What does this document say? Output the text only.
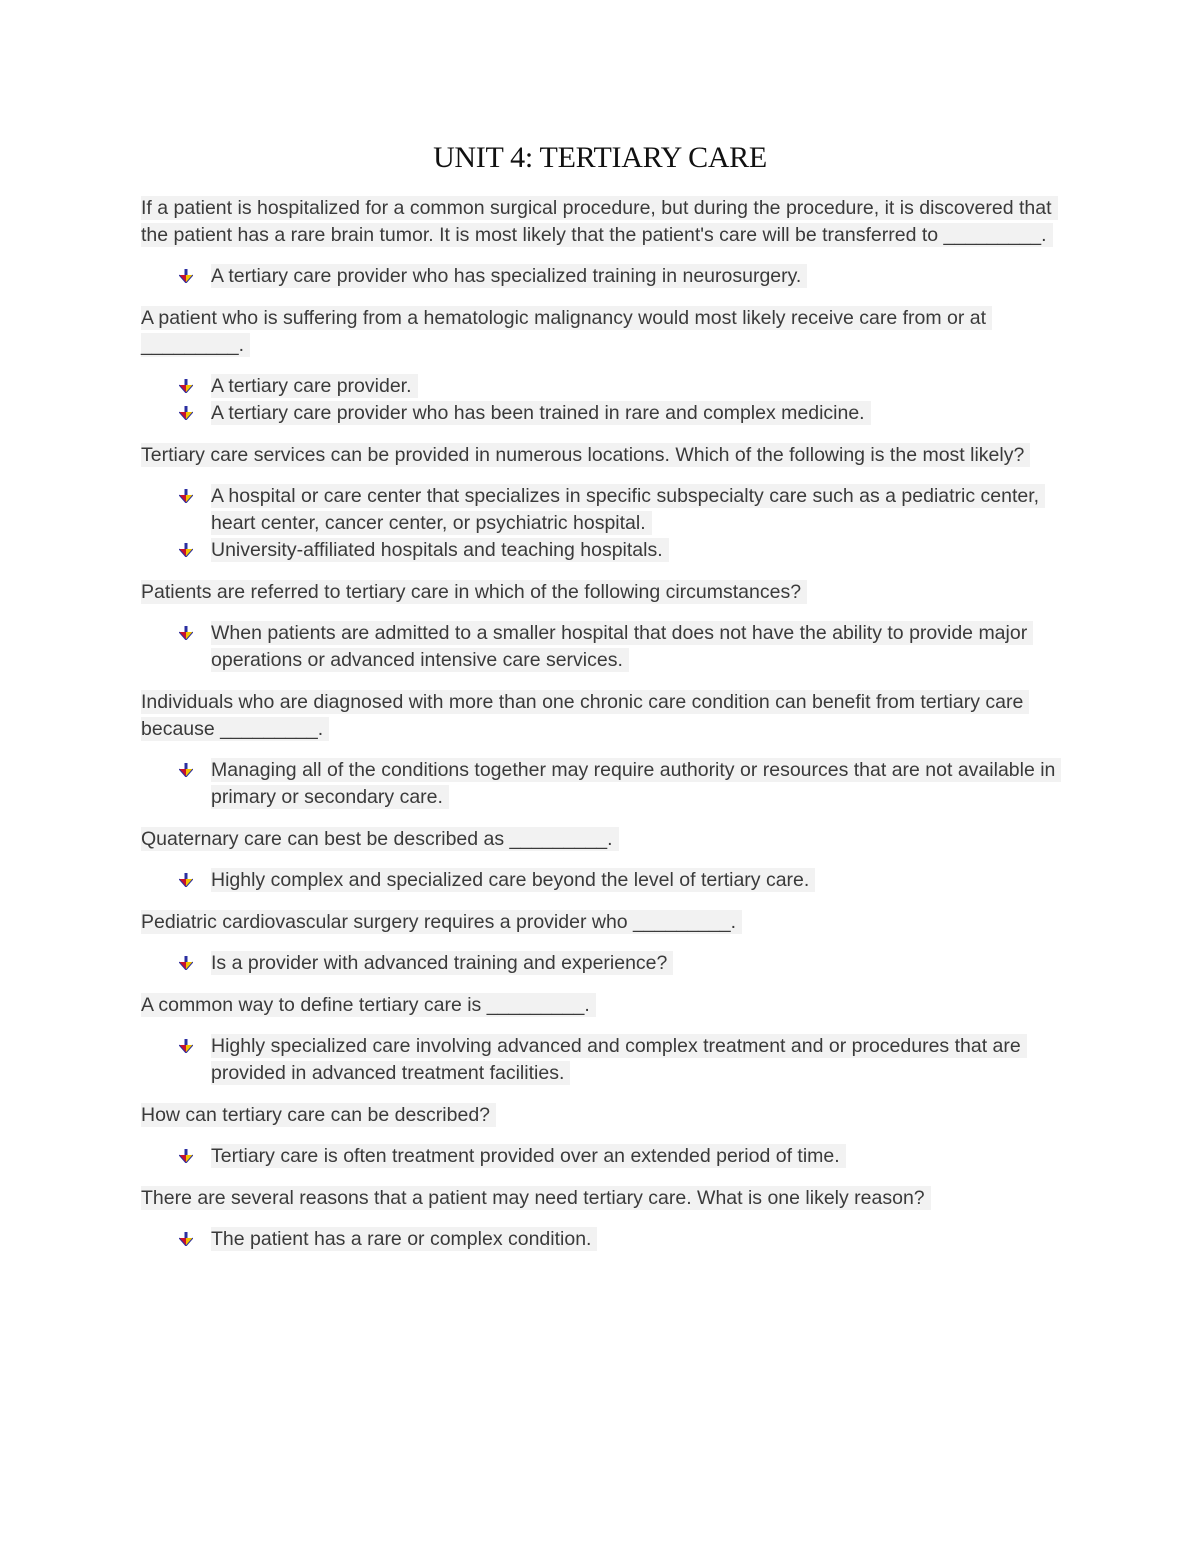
UNIT 4: TERTIARY CARE

If a patient is hospitalized for a common surgical procedure, but during the procedure, it is discovered that the patient has a rare brain tumor. It is most likely that the patient's care will be transferred to _________.

A tertiary care provider who has specialized training in neurosurgery.

A patient who is suffering from a hematologic malignancy would most likely receive care from or at _________.

A tertiary care provider.
A tertiary care provider who has been trained in rare and complex medicine.

Tertiary care services can be provided in numerous locations. Which of the following is the most likely?

A hospital or care center that specializes in specific subspecialty care such as a pediatric center, heart center, cancer center, or psychiatric hospital.
University-affiliated hospitals and teaching hospitals.

Patients are referred to tertiary care in which of the following circumstances?

When patients are admitted to a smaller hospital that does not have the ability to provide major operations or advanced intensive care services.

Individuals who are diagnosed with more than one chronic care condition can benefit from tertiary care because _________.

Managing all of the conditions together may require authority or resources that are not available in primary or secondary care.

Quaternary care can best be described as _________.

Highly complex and specialized care beyond the level of tertiary care.

Pediatric cardiovascular surgery requires a provider who _________.

Is a provider with advanced training and experience?

A common way to define tertiary care is _________.

Highly specialized care involving advanced and complex treatment and or procedures that are provided in advanced treatment facilities.

How can tertiary care can be described?

Tertiary care is often treatment provided over an extended period of time.

There are several reasons that a patient may need tertiary care. What is one likely reason?

The patient has a rare or complex condition.
